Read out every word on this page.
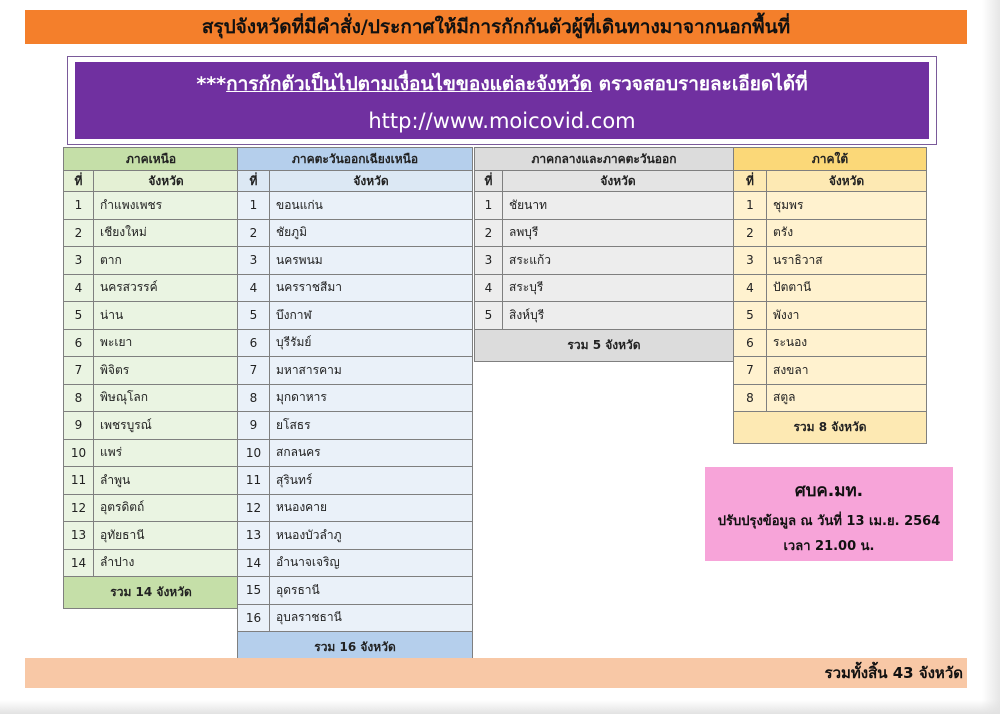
สรุปจังหวัดที่มีคำสั่ง/ประกาศให้มีการกักกันตัวผู้ที่เดินทางมาจากนอกพื้นที่
***การกักตัวเป็นไปตามเงื่อนไขของแต่ละจังหวัด ตรวจสอบรายละเอียดได้ที่
http://www.moicovid.com
ภาคเหนือ	
ที่	จังหวัด
1	กำแพงเพชร
2	เชียงใหม่
3	ตาก
4	นครสวรรค์
5	น่าน
6	พะเยา
7	พิจิตร
8	พิษณุโลก
9	เพชรบูรณ์
10	แพร่
11	ลำพูน
12	อุตรดิตถ์
13	อุทัยธานี
14	ลำปาง
รวม 14 จังหวัด	
ภาคตะวันออกเฉียงเหนือ	
ที่	จังหวัด
1	ขอนแก่น
2	ชัยภูมิ
3	นครพนม
4	นครราชสีมา
5	บึงกาฬ
6	บุรีรัมย์
7	มหาสารคาม
8	มุกดาหาร
9	ยโสธร
10	สกลนคร
11	สุรินทร์
12	หนองคาย
13	หนองบัวลำภู
14	อำนาจเจริญ
15	อุดรธานี
16	อุบลราชธานี
รวม 16 จังหวัด	
ภาคกลางและภาคตะวันออก	
ที่	จังหวัด
1	ชัยนาท
2	ลพบุรี
3	สระแก้ว
4	สระบุรี
5	สิงห์บุรี
รวม 5 จังหวัด	
ภาคใต้	
ที่	จังหวัด
1	ชุมพร
2	ตรัง
3	นราธิวาส
4	ปัตตานี
5	พังงา
6	ระนอง
7	สงขลา
8	สตูล
รวม 8 จังหวัด	
ศบค.มท.
ปรับปรุงข้อมูล ณ วันที่ 13 เม.ย. 2564
เวลา 21.00 น.
รวมทั้งสิ้น 43 จังหวัด
